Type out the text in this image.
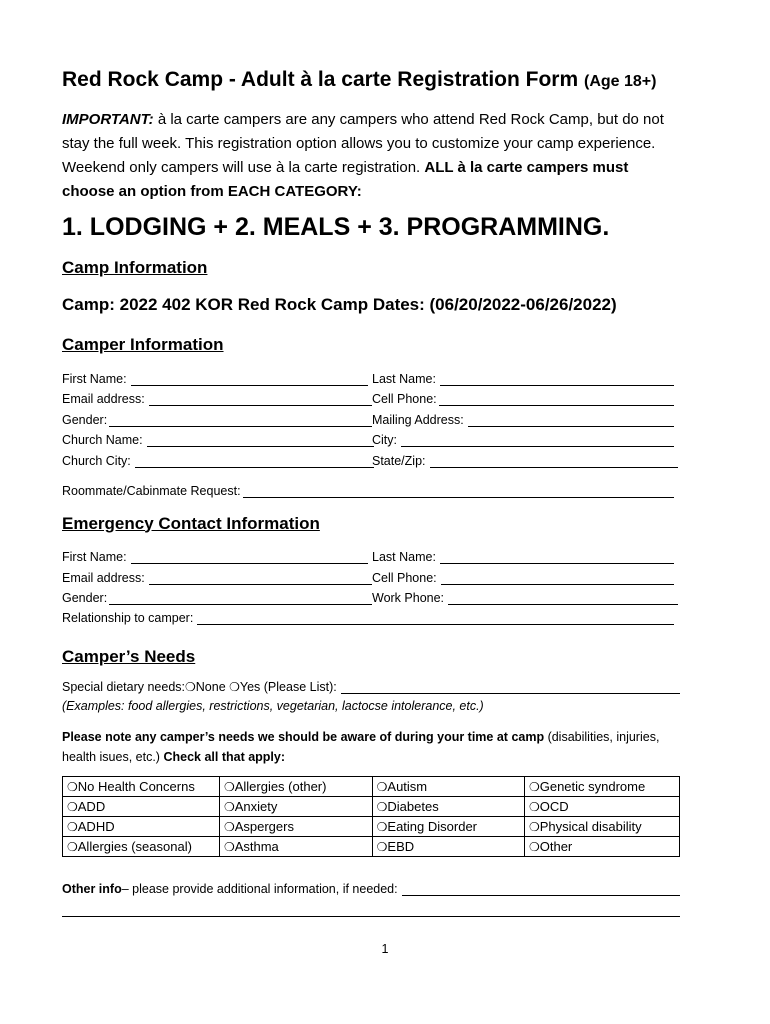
Red Rock Camp - Adult à la carte Registration Form (Age 18+)
IMPORTANT: à la carte campers are any campers who attend Red Rock Camp, but do not stay the full week. This registration option allows you to customize your camp experience. Weekend only campers will use à la carte registration. ALL à la carte campers must choose an option from EACH CATEGORY:
1. LODGING + 2. MEALS + 3. PROGRAMMING.
Camp Information
Camp: 2022 402 KOR Red Rock Camp Dates: (06/20/2022-06/26/2022)
Camper Information
First Name:	Last Name:
Email address:	Cell Phone:
Gender:	Mailing Address:
Church Name:	City:
Church City:	State/Zip:
Roommate/Cabinmate Request:
Emergency Contact Information
First Name:	Last Name:
Email address:	Cell Phone:
Gender:	Work Phone:
Relationship to camper:
Camper’s Needs
Special dietary needs: ❍ None
❍ Yes (Please List):
(Examples: food allergies, restrictions, vegetarian, lactocse intolerance, etc.)
Please note any camper’s needs we should be aware of during your time at camp (disabilities, injuries, health isues, etc.) Check all that apply:
❍No Health Concerns	❍Allergies (other)	❍Autism	❍Genetic syndrome
❍ADD	❍Anxiety	❍Diabetes	❍OCD
❍ADHD	❍Aspergers	❍Eating Disorder	❍Physical disability
❍Allergies (seasonal)	❍Asthma	❍EBD	❍Other
Other info – please provide additional information, if needed:
1
